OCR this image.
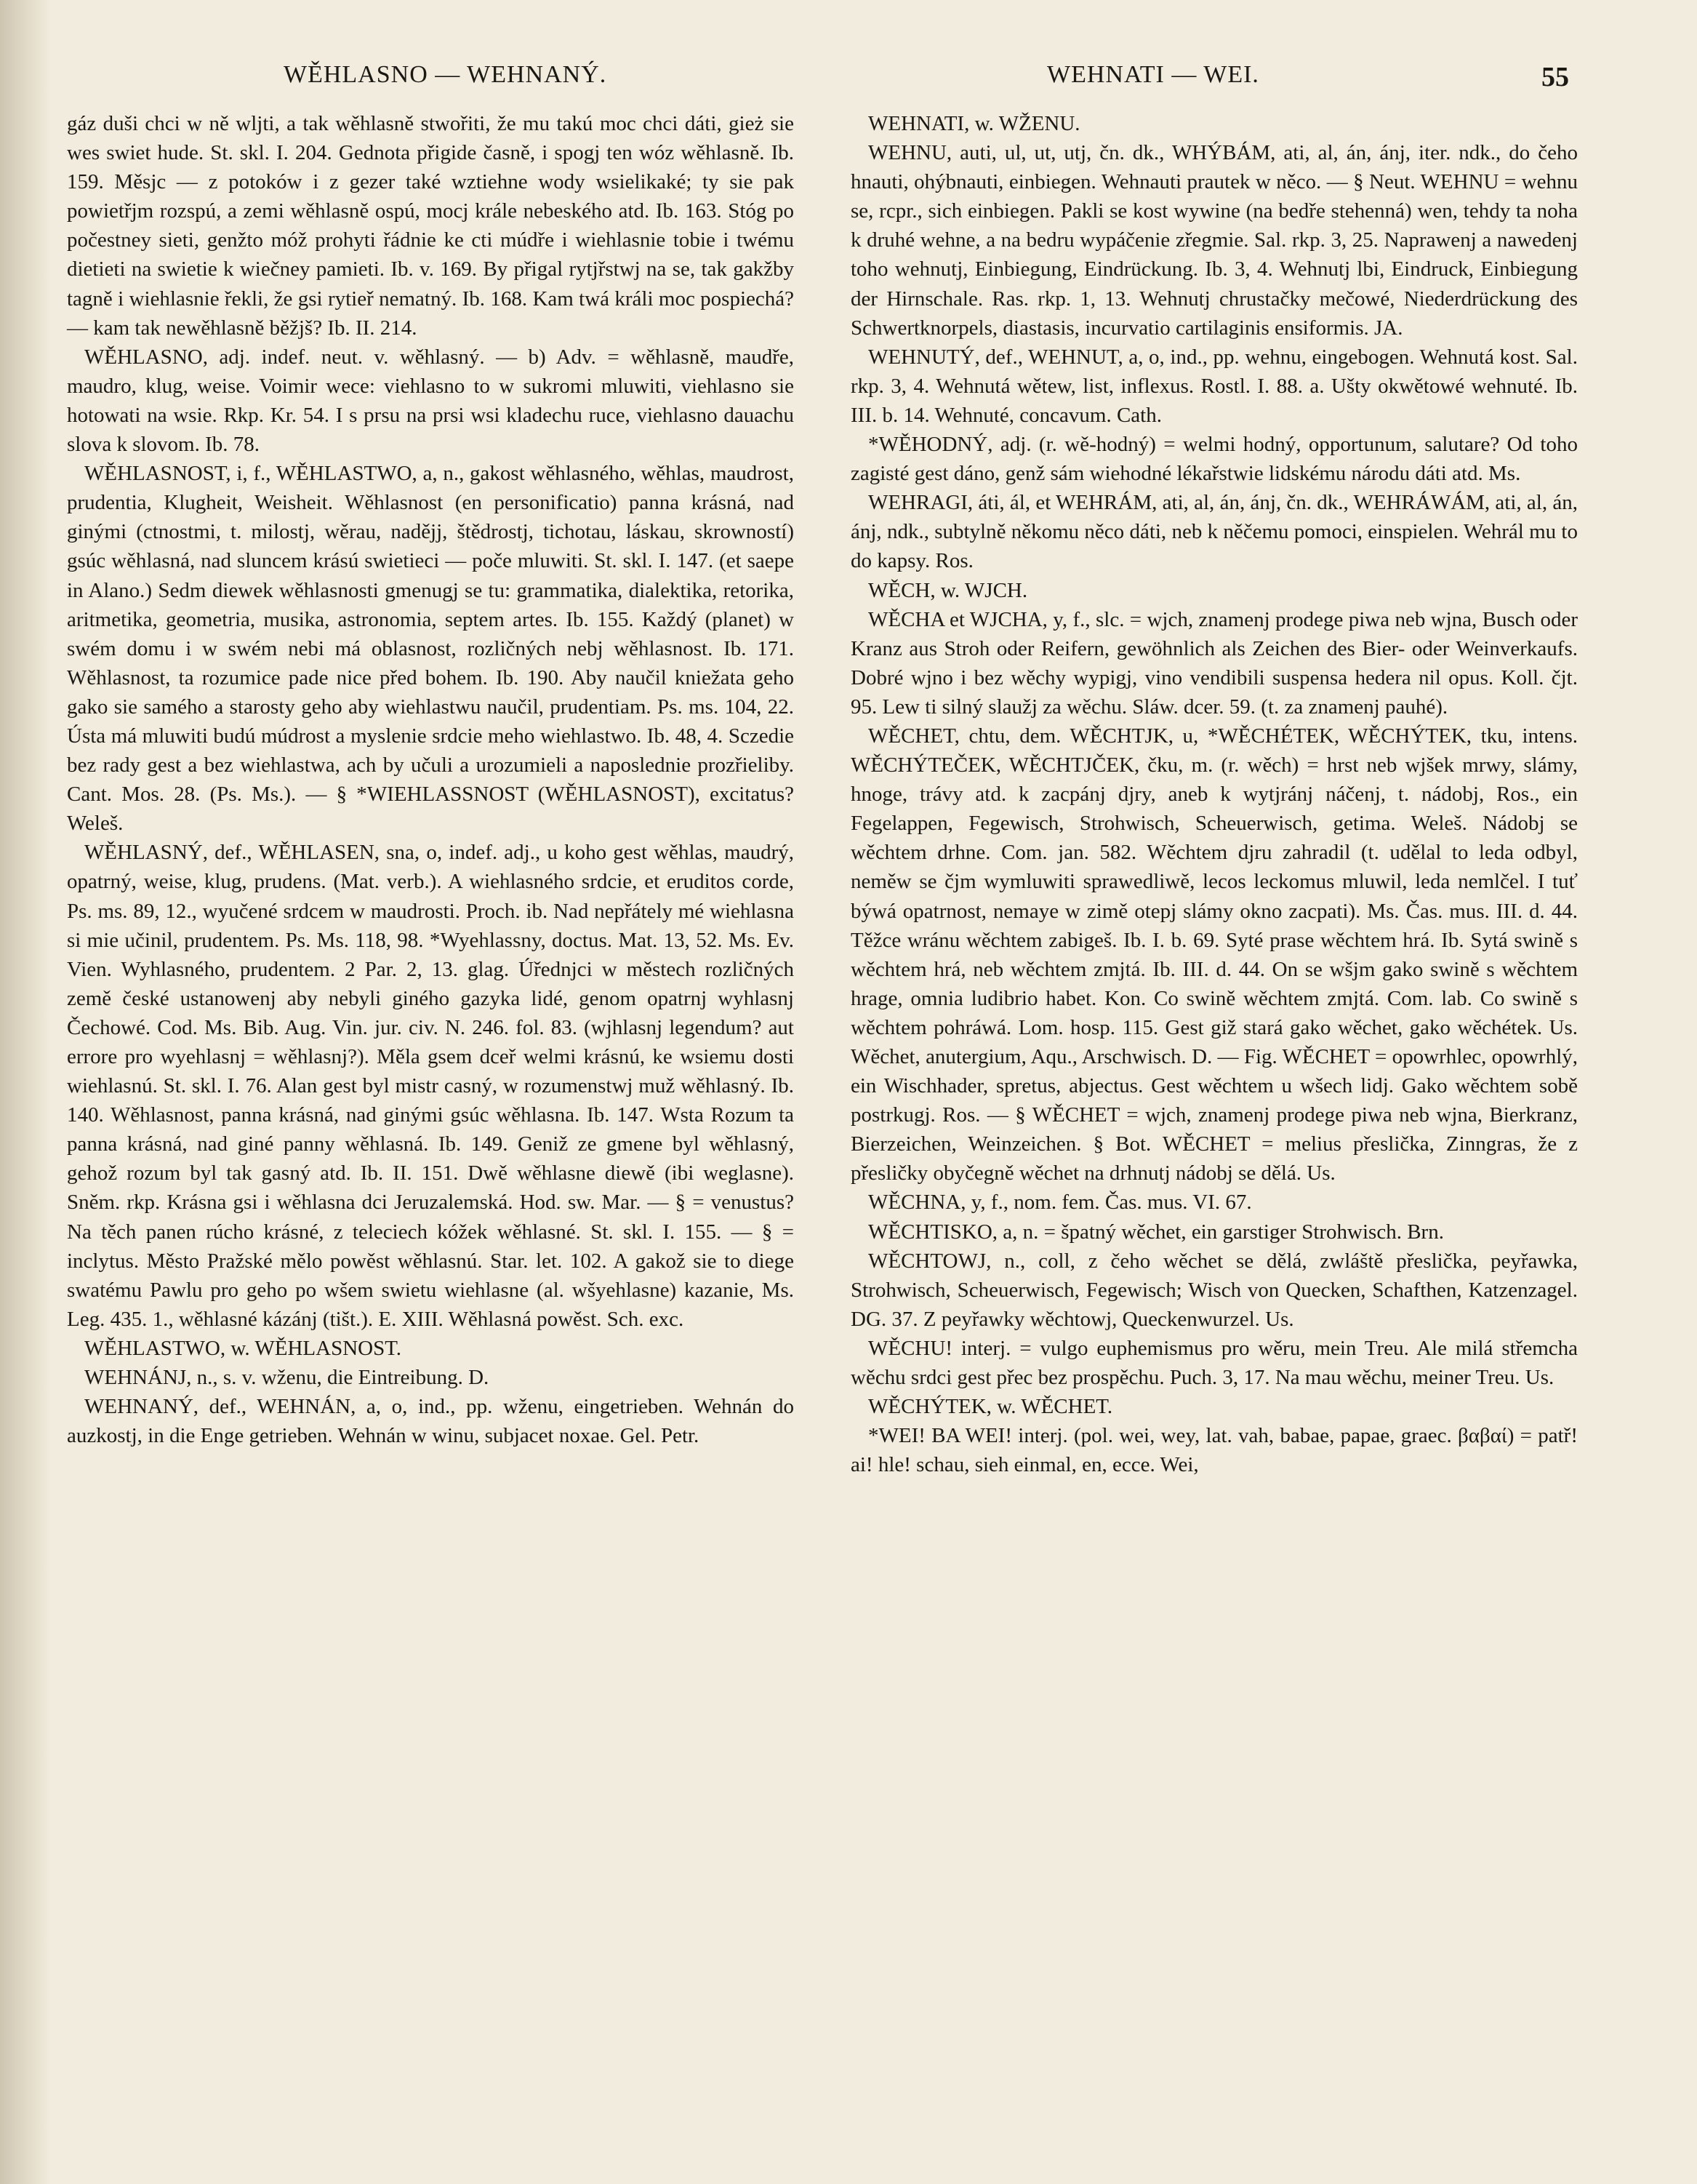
WĚHLASNO — WEHNANÝ.	WEHNATI — WEI.	55

gáz duši chci w ně wljti, a tak wěhlasně stwořiti, že mu takú moc chci dáti, gież sie wes swiet hude. St. skl. I. 204. Gednota přigide časně, i spogj ten wóz wěhlasně. Ib. 159. Měsjc — z potoków i z gezer také wztiehne wody wsielikaké; ty sie pak powietřjm rozspú, a zemi wěhlasně ospú, mocj krále nebeského atd. Ib. 163. Stóg po počestney sieti, genžto móž prohyti řádnie ke cti múdře i wiehlasnie tobie i twému dietieti na swietie k wiečney pamieti. Ib. v. 169. By přigal rytjřstwj na se, tak gakžby tagně i wiehlasnie řekli, že gsi rytieř nematný. Ib. 168. Kam twá králi moc pospiechá? — kam tak newěhlasně běžjš? Ib. II. 214.

WĚHLASNO, adj. indef. neut. v. wěhlasný. — b) Adv. = wěhlasně, maudře, maudro, klug, weise. Voimir wece: viehlasno to w sukromi mluwiti, viehlasno sie hotowati na wsie. Rkp. Kr. 54. I s prsu na prsi wsi kladechu ruce, viehlasno dauachu slova k slovom. Ib. 78.

WĚHLASNOST, i, f., WĚHLASTWO, a, n., gakost wěhlasného, wěhlas, maudrost, prudentia, Klugheit, Weisheit. Wěhlasnost (en personificatio) panna krásná, nad ginými (ctnostmi, t. milostj, wěrau, nadějj, štědrostj, tichotau, láskau, skrowností) gsúc wěhlasná, nad sluncem krású swietieci — poče mluwiti. St. skl. I. 147. (et saepe in Alano.) Sedm diewek wěhlasnosti gmenugj se tu: grammatika, dialektika, retorika, aritmetika, geometria, musika, astronomia, septem artes. Ib. 155. Každý (planet) w swém domu i w swém nebi má oblasnost, rozličných nebj wěhlasnost. Ib. 171. Wěhlasnost, ta rozumice pade nice před bohem. Ib. 190. Aby naučil kniežata geho gako sie samého a starosty geho aby wiehlastwu naučil, prudentiam. Ps. ms. 104, 22. Ústa má mluwiti budú múdrost a myslenie srdcie meho wiehlastwo. Ib. 48, 4. Sczedie bez rady gest a bez wiehlastwa, ach by učuli a urozumieli a naposlednie prozřieliby. Cant. Mos. 28. (Ps. Ms.). — § *WIEHLASSNOST (WĚHLASNOST), excitatus? Weleš.

WĚHLASNÝ, def., WĚHLASEN, sna, o, indef. adj., u koho gest wěhlas, maudrý, opatrný, weise, klug, prudens. (Mat. verb.). A wiehlasného srdcie, et eruditos corde, Ps. ms. 89, 12., wyučené srdcem w maudrosti. Proch. ib. Nad nepřátely mé wiehlasna si mie učinil, prudentem. Ps. Ms. 118, 98. *Wyehlassny, doctus. Mat. 13, 52. Ms. Ev. Vien. Wyhlasného, prudentem. 2 Par. 2, 13. glag. Úřednjci w městech rozličných země české ustanowenj aby nebyli giného gazyka lidé, genom opatrnj wyhlasnj Čechowé. Cod. Ms. Bib. Aug. Vin. jur. civ. N. 246. fol. 83. (wjhlasnj legendum? aut errore pro wyehlasnj = wěhlasnj?). Měla gsem dceř welmi krásnú, ke wsiemu dosti wiehlasnú. St. skl. I. 76. Alan gest byl mistr casný, w rozumenstwj muž wěhlasný. Ib. 140. Wěhlasnost, panna krásná, nad ginými gsúc wěhlasna. Ib. 147. Wsta Rozum ta panna krásná, nad giné panny wěhlasná. Ib. 149. Geniž ze gmene byl wěhlasný, gehož rozum byl tak gasný atd. Ib. II. 151. Dwě wěhlasne diewě (ibi weglasne). Sněm. rkp. Krásna gsi i wěhlasna dci Jeruzalemská. Hod. sw. Mar. — § = venustus? Na těch panen rúcho krásné, z teleciech kóžek wěhlasné. St. skl. I. 155. — § = inclytus. Město Pražské mělo powěst wěhlasnú. Star. let. 102. A gakož sie to diege swatému Pawlu pro geho po wšem swietu wiehlasne (al. wšyehlasne) kazanie, Ms. Leg. 435. 1., wěhlasné kázánj (tišt.). E. XIII. Wěhlasná powěst. Sch. exc.

WĚHLASTWO, w. WĚHLASNOST.

WEHNÁNJ, n., s. v. wženu, die Eintreibung. D.

WEHNANÝ, def., WEHNÁN, a, o, ind., pp. wženu, eingetrieben. Wehnán do auzkostj, in die Enge getrieben. Wehnán w winu, subjacet noxae. Gel. Petr.

WEHNATI, w. WŽENU.

WEHNU, auti, ul, ut, utj, čn. dk., WHÝBÁM, ati, al, án, ánj, iter. ndk., do čeho hnauti, ohýbnauti, einbiegen. Wehnauti prautek w něco. — § Neut. WEHNU = wehnu se, rcpr., sich einbiegen. Pakli se kost wywine (na bedře stehenná) wen, tehdy ta noha k druhé wehne, a na bedru wypáčenie zřegmie. Sal. rkp. 3, 25. Naprawenj a nawedenj toho wehnutj, Einbiegung, Eindrückung. Ib. 3, 4. Wehnutj lbi, Eindruck, Einbiegung der Hirnschale. Ras. rkp. 1, 13. Wehnutj chrustačky mečowé, Niederdrückung des Schwertknorpels, diastasis, incurvatio cartilaginis ensiformis. JA.

WEHNUTÝ, def., WEHNUT, a, o, ind., pp. wehnu, eingebogen. Wehnutá kost. Sal. rkp. 3, 4. Wehnutá wětew, list, inflexus. Rostl. I. 88. a. Ušty okwětowé wehnuté. Ib. III. b. 14. Wehnuté, concavum. Cath.

*WĚHODNÝ, adj. (r. wě-hodný) = welmi hodný, opportunum, salutare? Od toho zagisté gest dáno, genž sám wiehodné lékařstwie lidskému národu dáti atd. Ms.

WEHRAGI, áti, ál, et WEHRÁM, ati, al, án, ánj, čn. dk., WEHRÁWÁM, ati, al, án, ánj, ndk., subtylně někomu něco dáti, neb k něčemu pomoci, einspielen. Wehrál mu to do kapsy. Ros.

WĚCH, w. WJCH.

WĚCHA et WJCHA, y, f., slc. = wjch, znamenj prodege piwa neb wjna, Busch oder Kranz aus Stroh oder Reifern, gewöhnlich als Zeichen des Bier- oder Weinverkaufs. Dobré wjno i bez wěchy wypigj, vino vendibili suspensa hedera nil opus. Koll. čjt. 95. Lew ti silný slaužj za wěchu. Sláw. dcer. 59. (t. za znamenj pauhé).

WĚCHET, chtu, dem. WĚCHTJK, u, *WĚCHÉTEK, WĚCHÝTEK, tku, intens. WĚCHÝTEČEK, WĚCHTJČEK, čku, m. (r. wěch) = hrst neb wjšek mrwy, slámy, hnoge, trávy atd. k zacpánj djry, aneb k wytjránj náčenj, t. nádobj, Ros., ein Fegelappen, Fegewisch, Strohwisch, Scheuerwisch, getima. Weleš. Nádobj se wěchtem drhne. Com. jan. 582. Wěchtem djru zahradil (t. udělal to leda odbyl, neměw se čjm wymluwiti sprawedliwě, lecos leckomus mluwil, leda nemlčel. I tuť býwá opatrnost, nemaye w zimě otepj slámy okno zacpati). Ms. Čas. mus. III. d. 44. Těžce wránu wěchtem zabigeš. Ib. I. b. 69. Syté prase wěchtem hrá. Ib. Sytá swině s wěchtem hrá, neb wěchtem zmjtá. Ib. III. d. 44. On se wšjm gako swině s wěchtem hrage, omnia ludibrio habet. Kon. Co swině wěchtem zmjtá. Com. lab. Co swině s wěchtem pohráwá. Lom. hosp. 115. Gest giž stará gako wěchet, gako wěchétek. Us. Wěchet, anutergium, Aqu., Arschwisch. D. — Fig. WĚCHET = opowrhlec, opowrhlý, ein Wischhader, spretus, abjectus. Gest wěchtem u wšech lidj. Gako wěchtem sobě postrkugj. Ros. — § WĚCHET = wjch, znamenj prodege piwa neb wjna, Bierkranz, Bierzeichen, Weinzeichen. § Bot. WĚCHET = melius přeslička, Zinngras, že z přesličky obyčegně wěchet na drhnutj nádobj se dělá. Us.

WĚCHNA, y, f., nom. fem. Čas. mus. VI. 67.

WĚCHTISKO, a, n. = špatný wěchet, ein garstiger Strohwisch. Brn.

WĚCHTOWJ, n., coll, z čeho wěchet se dělá, zwláště přeslička, peyřawka, Strohwisch, Scheuerwisch, Fegewisch; Wisch von Quecken, Schafthen, Katzenzagel. DG. 37. Z peyřawky wěchtowj, Queckenwurzel. Us.

WĚCHU! interj. = vulgo euphemismus pro wěru, mein Treu. Ale milá střemcha wěchu srdci gest přec bez prospěchu. Puch. 3, 17. Na mau wěchu, meiner Treu. Us.

WĚCHÝTEK, w. WĚCHET.

*WEI! BA WEI! interj. (pol. wei, wey, lat. vah, babae, papae, graec. βαβαί) = patř! ai! hle! schau, sieh einmal, en, ecce. Wei,
